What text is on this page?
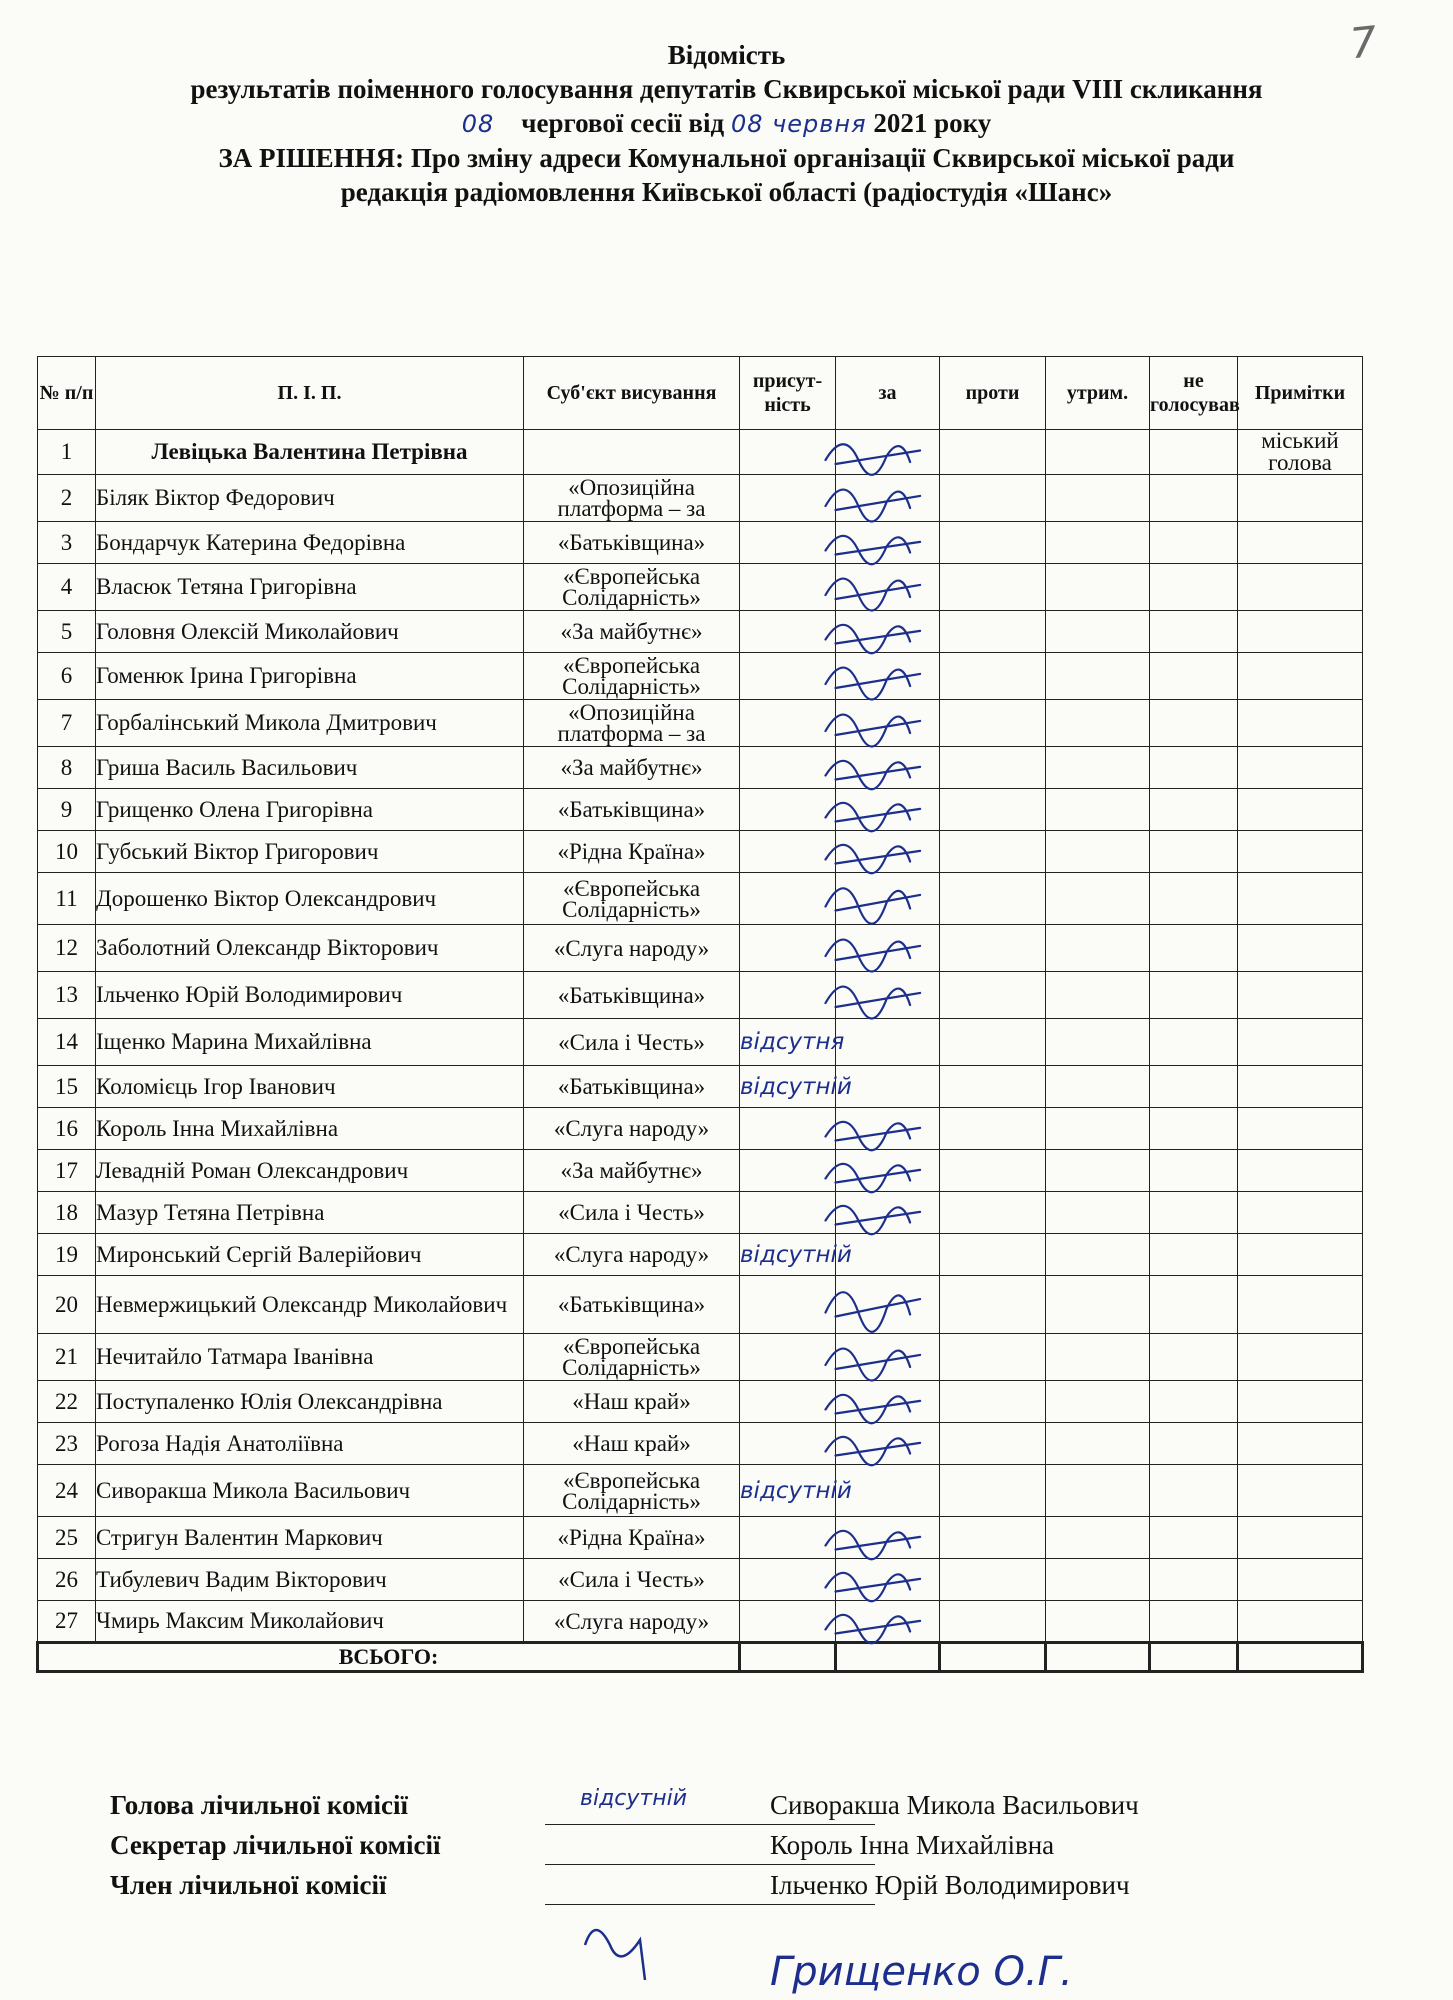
7
Відомість
результатів поіменного голосування депутатів Сквирської міської ради VIII скликання
08 чергової сесії від 08 червня 2021 року
ЗА РІШЕННЯ: Про зміну адреси Комунальної організації Сквирської міської ради
редакція радіомовлення Київської області (радіостудія «Шанс»
№ п/п	П. І. П.	Суб'єкт висування	присут-ність	за	проти	утрим.	не голосував	Примітки
1	Левіцька Валентина Петрівна							міський голова
2	Біляк Віктор Федорович	«Опозиційна платформа – за						
3	Бондарчук Катерина Федорівна	«Батьківщина»						
4	Власюк Тетяна Григорівна	«Європейська Солідарність»						
5	Головня Олексій Миколайович	«За майбутнє»						
6	Гоменюк Ірина Григорівна	«Європейська Солідарність»						
7	Горбалінський Микола Дмитрович	«Опозиційна платформа – за						
8	Гриша Василь Васильович	«За майбутнє»						
9	Грищенко Олена Григорівна	«Батьківщина»						
10	Губський Віктор Григорович	«Рідна Країна»						
11	Дорошенко Віктор Олександрович	«Європейська Солідарність»						
12	Заболотний Олександр Вікторович	«Слуга народу»						
13	Ільченко Юрій Володимирович	«Батьківщина»						
14	Іщенко Марина Михайлівна	«Сила і Честь»	відсутня					
15	Коломієць Ігор Іванович	«Батьківщина»	відсутній					
16	Король Інна Михайлівна	«Слуга народу»						
17	Левадній Роман Олександрович	«За майбутнє»						
18	Мазур Тетяна Петрівна	«Сила і Честь»						
19	Миронський Сергій Валерійович	«Слуга народу»	відсутній					
20	Невмержицький Олександр Миколайович	«Батьківщина»						
21	Нечитайло Татмара Іванівна	«Європейська Солідарність»						
22	Поступаленко Юлія Олександрівна	«Наш край»						
23	Рогоза Надія Анатоліївна	«Наш край»						
24	Сиворакша Микола Васильович	«Європейська Солідарність»	відсутній					
25	Стригун Валентин Маркович	«Рідна Країна»						
26	Тибулевич Вадим Вікторович	«Сила і Честь»						
27	Чмирь Максим Миколайович	«Слуга народу»						
ВСЬОГО:								
Голова лічильної комісії	відсутній	Сиворакша Микола Васильович
Секретар лічильної комісії	Король Інна Михайлівна
Член лічильної комісії	Ільченко Юрій Володимирович
Грищенко О.Г.
